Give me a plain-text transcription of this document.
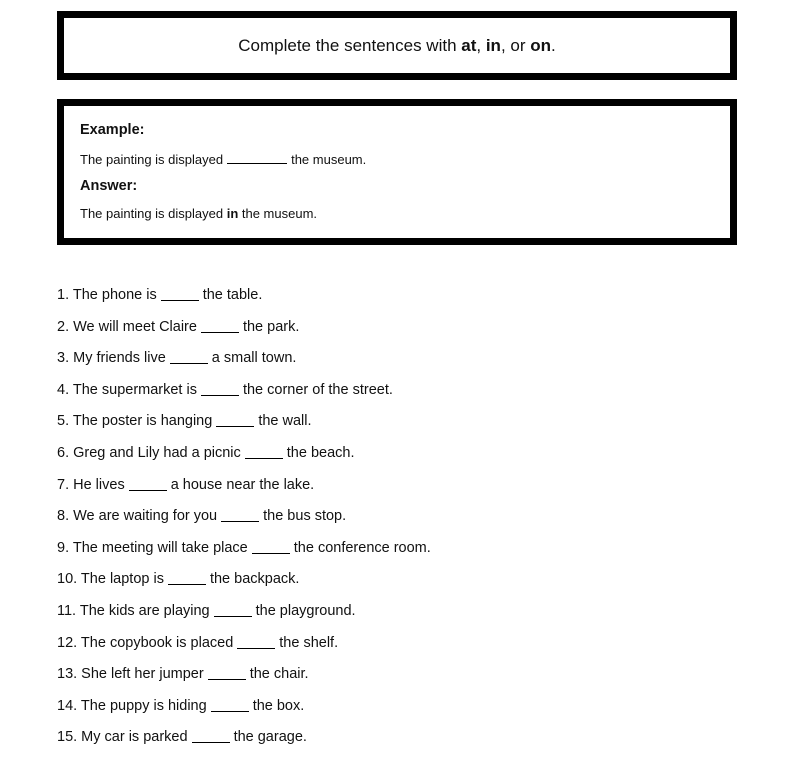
Complete the sentences with at, in, or on.
Example:
The painting is displayed	the museum.
Answer:
The painting is displayed in the museum.
1. The phone is	the table.
2. We will meet Claire	the park.
3. My friends live	a small town.
4. The supermarket is	the corner of the street.
5. The poster is hanging	the wall.
6. Greg and Lily had a picnic	the beach.
7. He lives	a house near the lake.
8. We are waiting for you	the bus stop.
9. The meeting will take place	the conference room.
10. The laptop is	the backpack.
11. The kids are playing	the playground.
12. The copybook is placed	the shelf.
13. She left her jumper	the chair.
14. The puppy is hiding	the box.
15. My car is parked	the garage.
